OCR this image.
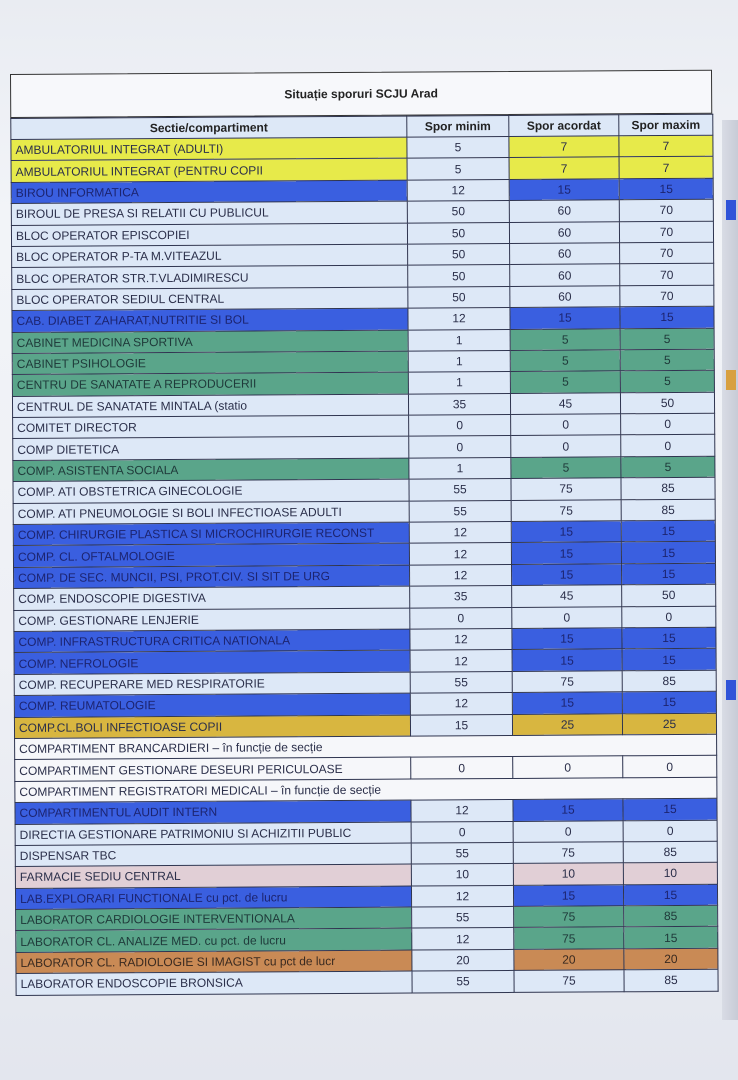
Situație sporuri SCJU Arad
Sectie/compartiment	Spor minim	Spor acordat	Spor maxim
AMBULATORIUL INTEGRAT (ADULTI)	5	7	7
AMBULATORIUL INTEGRAT (PENTRU COPII	5	7	7
BIROU INFORMATICA	12	15	15
BIROUL DE PRESA SI RELATII CU PUBLICUL	50	60	70
BLOC OPERATOR EPISCOPIEI	50	60	70
BLOC OPERATOR P-TA M.VITEAZUL	50	60	70
BLOC OPERATOR STR.T.VLADIMIRESCU	50	60	70
BLOC OPERATOR SEDIUL CENTRAL	50	60	70
CAB. DIABET ZAHARAT,NUTRITIE SI BOL	12	15	15
CABINET MEDICINA SPORTIVA	1	5	5
CABINET PSIHOLOGIE	1	5	5
CENTRU DE SANATATE A REPRODUCERII	1	5	5
CENTRUL DE SANATATE MINTALA (statio	35	45	50
COMITET DIRECTOR	0	0	0
COMP DIETETICA	0	0	0
COMP. ASISTENTA SOCIALA	1	5	5
COMP. ATI OBSTETRICA GINECOLOGIE	55	75	85
COMP. ATI PNEUMOLOGIE SI BOLI INFECTIOASE ADULTI	55	75	85
COMP. CHIRURGIE PLASTICA SI MICROCHIRURGIE RECONST	12	15	15
COMP. CL. OFTALMOLOGIE	12	15	15
COMP. DE SEC. MUNCII, PSI, PROT.CIV. SI SIT DE URG	12	15	15
COMP. ENDOSCOPIE DIGESTIVA	35	45	50
COMP. GESTIONARE LENJERIE	0	0	0
COMP. INFRASTRUCTURA CRITICA NATIONALA	12	15	15
COMP. NEFROLOGIE	12	15	15
COMP. RECUPERARE MED RESPIRATORIE	55	75	85
COMP. REUMATOLOGIE	12	15	15
COMP.CL.BOLI INFECTIOASE COPII	15	25	25
COMPARTIMENT BRANCARDIERI – în funcție de secție			
COMPARTIMENT GESTIONARE DESEURI PERICULOASE	0	0	0
COMPARTIMENT REGISTRATORI MEDICALI – în funcție de secție			
COMPARTIMENTUL AUDIT INTERN	12	15	15
DIRECTIA GESTIONARE PATRIMONIU SI ACHIZITII PUBLIC	0	0	0
DISPENSAR TBC	55	75	85
FARMACIE SEDIU CENTRAL	10	10	10
LAB.EXPLORARI FUNCTIONALE cu pct. de lucru	12	15	15
LABORATOR CARDIOLOGIE INTERVENTIONALA	55	75	85
LABORATOR CL. ANALIZE MED. cu pct. de lucru	12	75	15
LABORATOR CL. RADIOLOGIE SI IMAGIST cu pct de lucr	20	20	20
LABORATOR ENDOSCOPIE BRONSICA	55	75	85
